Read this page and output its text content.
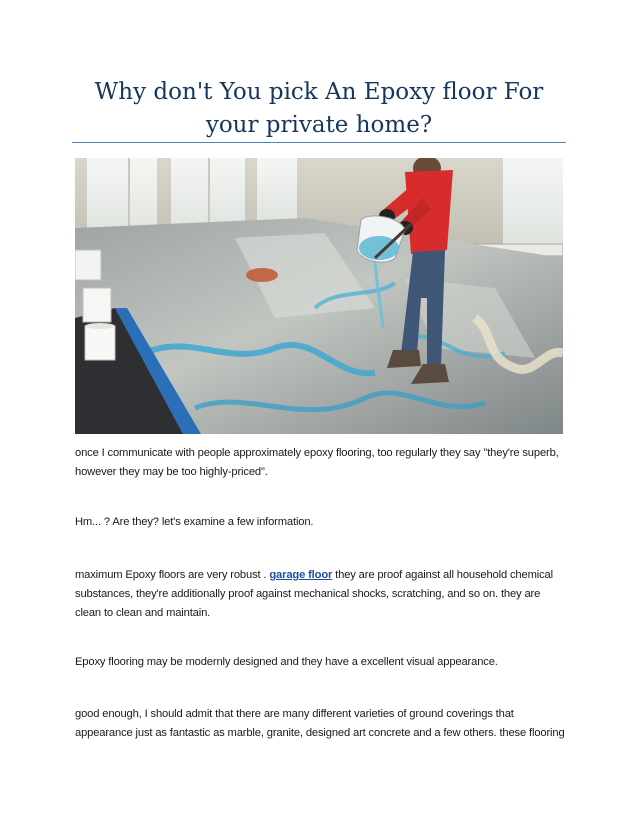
Why don't You pick An Epoxy floor For your private home?

once I communicate with people approximately epoxy flooring, too regularly they say "they're superb, however they may be too highly-priced".

Hm... ? Are they? let's examine a few information.

maximum Epoxy floors are very robust . garage floor they are proof against all household chemical substances, they're additionally proof against mechanical shocks, scratching, and so on. they are clean to clean and maintain.

Epoxy flooring may be modernly designed and they have a excellent visual appearance.

good enough, I should admit that there are many different varieties of ground coverings that appearance just as fantastic as marble, granite, designed art concrete and a few others. these flooring
